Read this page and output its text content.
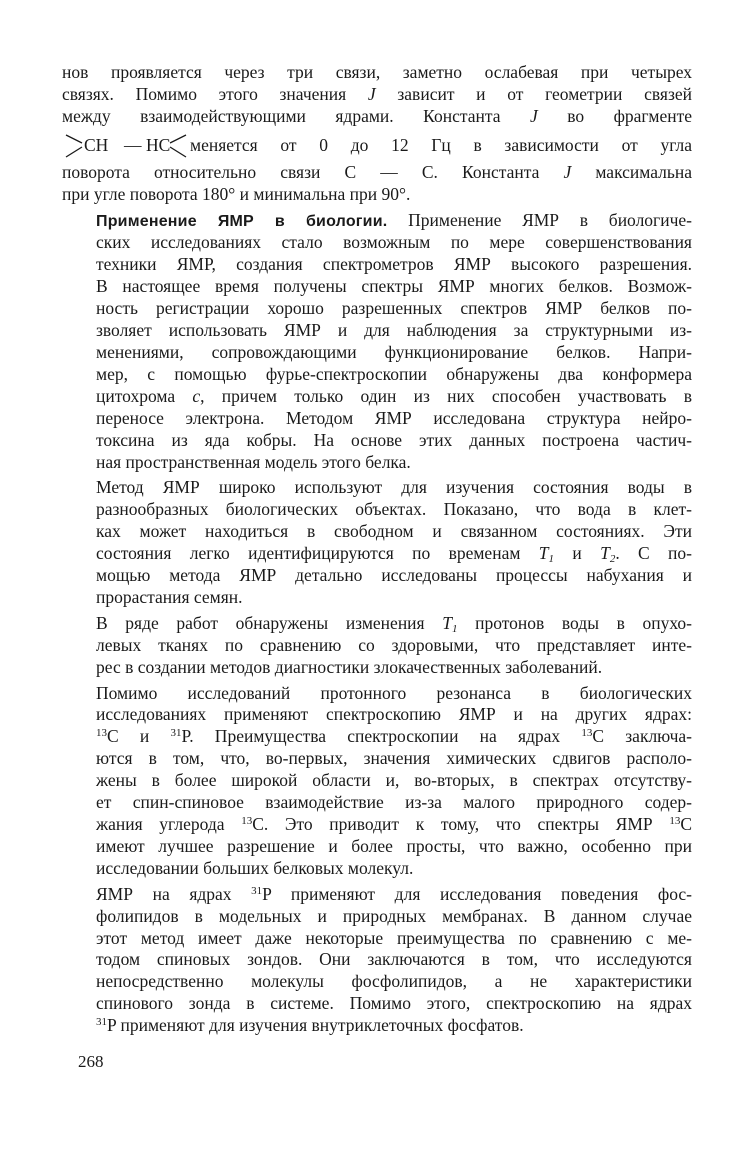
нов проявляется через три связи, заметно ослабевая при четырех
связях. Помимо этого значения J зависит и от геометрии связей
между взаимодействующими ядрами. Константа J во фрагменте
CH — HC меняется от 0 до 12 Гц в зависимости от угла
поворота относительно связи C — C. Константа J максимальна
при угле поворота 180° и минимальна при 90°.
Применение ЯМР в биологии. Применение ЯМР в биологиче-
ских исследованиях стало возможным по мере совершенствования
техники ЯМР, создания спектрометров ЯМР высокого разрешения.
В настоящее время получены спектры ЯМР многих белков. Возмож-
ность регистрации хорошо разрешенных спектров ЯМР белков по-
зволяет использовать ЯМР и для наблюдения за структурными из-
менениями, сопровождающими функционирование белков. Напри-
мер, с помощью фурье-спектроскопии обнаружены два конформера
цитохрома c, причем только один из них способен участвовать в
переносе электрона. Методом ЯМР исследована структура нейро-
токсина из яда кобры. На основе этих данных построена частич-
ная пространственная модель этого белка.
Метод ЯМР широко используют для изучения состояния воды в
разнообразных биологических объектах. Показано, что вода в клет-
ках может находиться в свободном и связанном состояниях. Эти
состояния легко идентифицируются по временам $T_1$ и $T_2$. С по-
мощью метода ЯМР детально исследованы процессы набухания и
прорастания семян.
В ряде работ обнаружены изменения $T_1$ протонов воды в опухо-
левых тканях по сравнению со здоровыми, что представляет инте-
рес в создании методов диагностики злокачественных заболеваний.
Помимо исследований протонного резонанса в биологических
исследованиях применяют спектроскопию ЯМР и на других ядрах:
$^{13}$C и $^{31}$P. Преимущества спектроскопии на ядрах $^{13}$C заключа-
ются в том, что, во-первых, значения химических сдвигов располо-
жены в более широкой области и, во-вторых, в спектрах отсутству-
ет спин-спиновое взаимодействие из-за малого природного содер-
жания углерода $^{13}$C. Это приводит к тому, что спектры ЯМР $^{13}$C
имеют лучшее разрешение и более просты, что важно, особенно при
исследовании больших белковых молекул.
ЯМР на ядрах $^{31}$P применяют для исследования поведения фос-
фолипидов в модельных и природных мембранах. В данном случае
этот метод имеет даже некоторые преимущества по сравнению с ме-
тодом спиновых зондов. Они заключаются в том, что исследуются
непосредственно молекулы фосфолипидов, а не характеристики
спинового зонда в системе. Помимо этого, спектроскопию на ядрах
$^{31}$P применяют для изучения внутриклеточных фосфатов.
268
